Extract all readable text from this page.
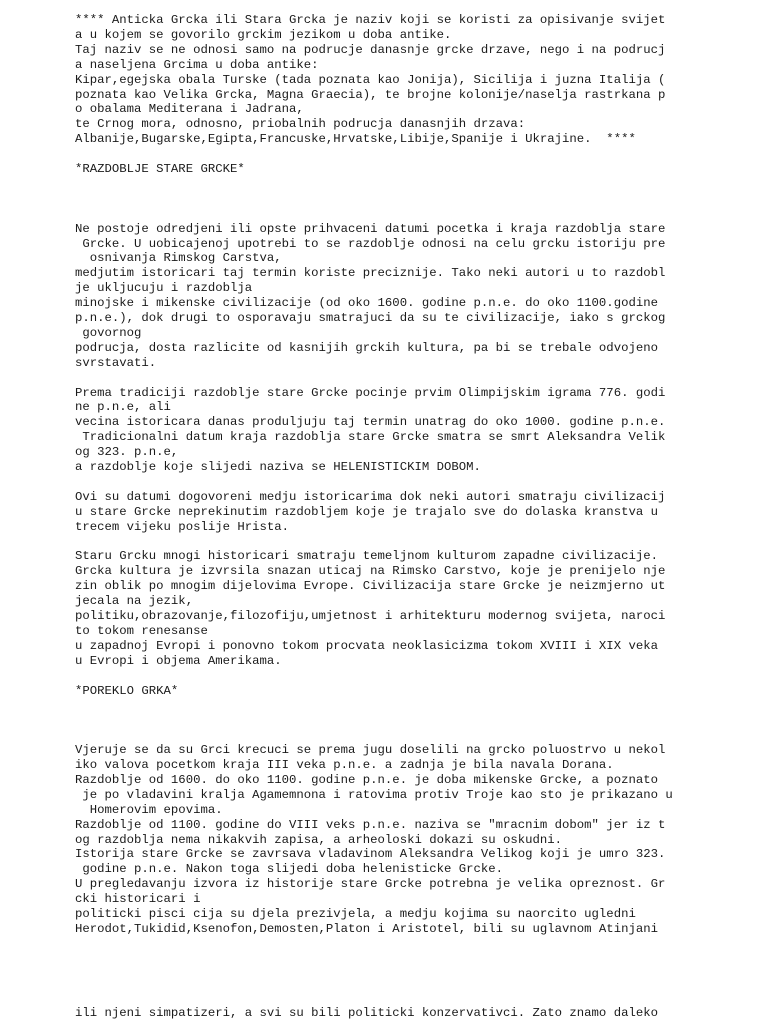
**** Anticka Grcka ili Stara Grcka je naziv koji se koristi za opisivanje svijet
a u kojem se govorilo grckim jezikom u doba antike.
Taj naziv se ne odnosi samo na podrucje danasnje grcke drzave, nego i na podrucj
a naseljena Grcima u doba antike:
Kipar,egejska obala Turske (tada poznata kao Jonija), Sicilija i juzna Italija (
poznata kao Velika Grcka, Magna Graecia), te brojne kolonije/naselja rastrkana p
o obalama Mediterana i Jadrana,
te Crnog mora, odnosno, priobalnih podrucja danasnjih drzava:
Albanije,Bugarske,Egipta,Francuske,Hrvatske,Libije,Spanije i Ukrajine.  ****
*RAZDOBLJE STARE GRCKE*
Ne postoje odredjeni ili opste prihvaceni datumi pocetka i kraja razdoblja stare
Grcke. U uobicajenoj upotrebi to se razdoblje odnosi na celu grcku istoriju pre
osnivanja Rimskog Carstva,
medjutim istoricari taj termin koriste preciznije. Tako neki autori u to razdobl
je ukljucuju i razdoblja
minojske i mikenske civilizacije (od oko 1600. godine p.n.e. do oko 1100.godine
p.n.e.), dok drugi to osporavaju smatrajuci da su te civilizacije, iako s grckog
govornog
podrucja, dosta razlicite od kasnijih grckih kultura, pa bi se trebale odvojeno
svrstavati.
Prema tradiciji razdoblje stare Grcke pocinje prvim Olimpijskim igrama 776. godi
ne p.n.e, ali
vecina istoricara danas produljuju taj termin unatrag do oko 1000. godine p.n.e.
Tradicionalni datum kraja razdoblja stare Grcke smatra se smrt Aleksandra Velik
og 323. p.n.e,
a razdoblje koje slijedi naziva se HELENISTICKIM DOBOM.
Ovi su datumi dogovoreni medju istoricarima dok neki autori smatraju civilizacij
u stare Grcke neprekinutim razdobljem koje je trajalo sve do dolaska kranstva u
trecem vijeku poslije Hrista.
Staru Grcku mnogi historicari smatraju temeljnom kulturom zapadne civilizacije.
Grcka kultura je izvrsila snazan uticaj na Rimsko Carstvo, koje je prenijelo nje
zin oblik po mnogim dijelovima Evrope. Civilizacija stare Grcke je neizmjerno ut
jecala na jezik,
politiku,obrazovanje,filozofiju,umjetnost i arhitekturu modernog svijeta, naroci
to tokom renesanse
u zapadnoj Evropi i ponovno tokom procvata neoklasicizma tokom XVIII i XIX veka
u Evropi i objema Amerikama.
*POREKLO GRKA*
Vjeruje se da su Grci krecuci se prema jugu doselili na grcko poluostrvo u nekol
iko valova pocetkom kraja III veka p.n.e. a zadnja je bila navala Dorana.
Razdoblje od 1600. do oko 1100. godine p.n.e. je doba mikenske Grcke, a poznato
je po vladavini kralja Agamemnona i ratovima protiv Troje kao sto je prikazano u
Homerovim epovima.
Razdoblje od 1100. godine do VIII veks p.n.e. naziva se "mracnim dobom" jer iz t
og razdoblja nema nikakvih zapisa, a arheoloski dokazi su oskudni.
Istorija stare Grcke se zavrsava vladavinom Aleksandra Velikog koji je umro 323.
godine p.n.e. Nakon toga slijedi doba helenisticke Grcke.
U pregledavanju izvora iz historije stare Grcke potrebna je velika opreznost. Gr
cki historicari i
politicki pisci cija su djela prezivjela, a medju kojima su naorcito ugledni
Herodot,Tukidid,Ksenofon,Demosten,Platon i Aristotel, bili su uglavnom Atinjani
ili njeni simpatizeri, a svi su bili politicki konzervativci. Zato znamo daleko
